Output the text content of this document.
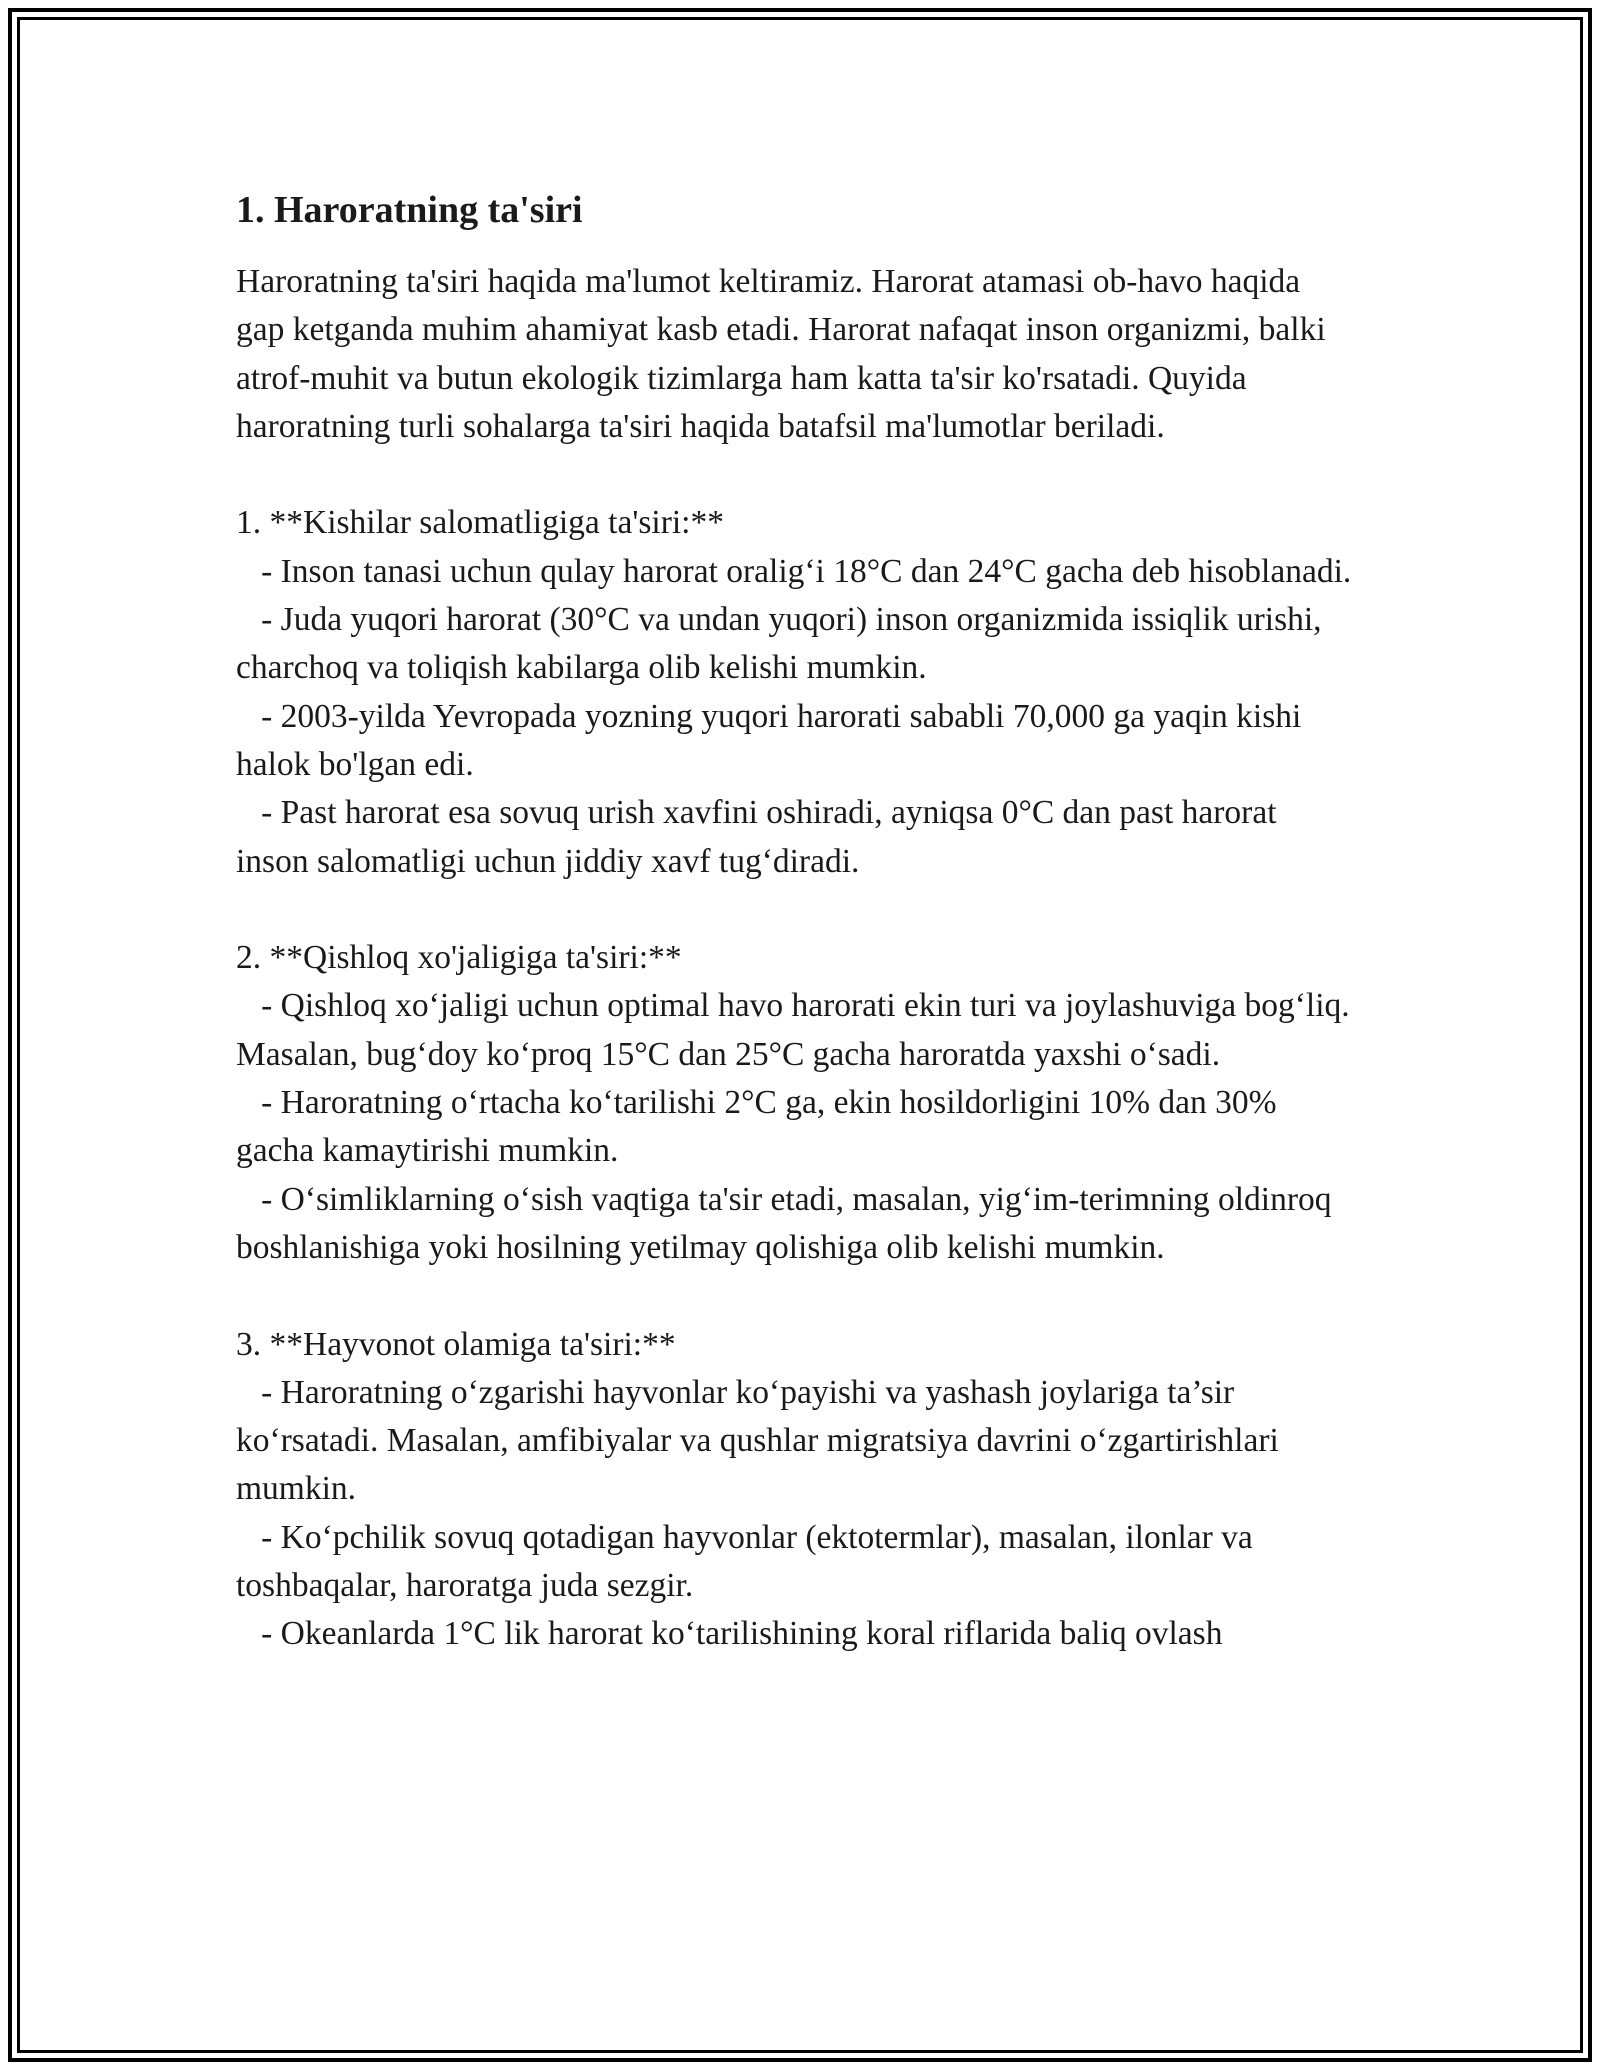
1. Haroratning ta'siri

Haroratning ta'siri haqida ma'lumot keltiramiz. Harorat atamasi ob-havo haqida gap ketganda muhim ahamiyat kasb etadi. Harorat nafaqat inson organizmi, balki atrof-muhit va butun ekologik tizimlarga ham katta ta'sir ko'rsatadi. Quyida haroratning turli sohalarga ta'siri haqida batafsil ma'lumotlar beriladi.

1. **Kishilar salomatligiga ta'siri:**
- Inson tanasi uchun qulay harorat oralig‘i 18°C dan 24°C gacha deb hisoblanadi.
- Juda yuqori harorat (30°C va undan yuqori) inson organizmida issiqlik urishi, charchoq va toliqish kabilarga olib kelishi mumkin.
- 2003-yilda Yevropada yozning yuqori harorati sababli 70,000 ga yaqin kishi halok bo'lgan edi.
- Past harorat esa sovuq urish xavfini oshiradi, ayniqsa 0°C dan past harorat inson salomatligi uchun jiddiy xavf tug‘diradi.
2. **Qishloq xo'jaligiga ta'siri:**
- Qishloq xo‘jaligi uchun optimal havo harorati ekin turi va joylashuviga bog‘liq. Masalan, bug‘doy ko‘proq 15°C dan 25°C gacha haroratda yaxshi o‘sadi.
- Haroratning o‘rtacha ko‘tarilishi 2°C ga, ekin hosildorligini 10% dan 30% gacha kamaytirishi mumkin.
- O‘simliklarning o‘sish vaqtiga ta'sir etadi, masalan, yig‘im-terimning oldinroq boshlanishiga yoki hosilning yetilmay qolishiga olib kelishi mumkin.
3. **Hayvonot olamiga ta'siri:**
- Haroratning o‘zgarishi hayvonlar ko‘payishi va yashash joylariga ta’sir ko‘rsatadi. Masalan, amfibiyalar va qushlar migratsiya davrini o‘zgartirishlari mumkin.
- Ko‘pchilik sovuq qotadigan hayvonlar (ektotermlar), masalan, ilonlar va toshbaqalar, haroratga juda sezgir.
- Okeanlarda 1°C lik harorat ko‘tarilishining koral riflarida baliq ovlash
